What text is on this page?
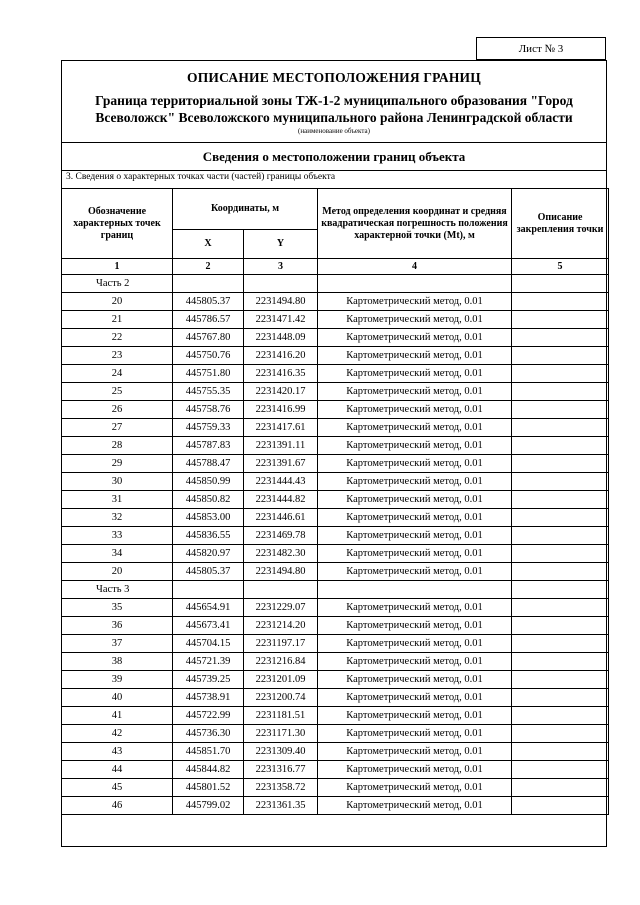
Лист № 3
ОПИСАНИЕ МЕСТОПОЛОЖЕНИЯ ГРАНИЦ
Граница территориальной зоны ТЖ-1-2 муниципального образования "Город Всеволожск" Всеволожского муниципального района Ленинградской области
(наименование объекта)
Сведения о местоположении границ объекта
3. Сведения о характерных точках части (частей) границы объекта
Обозначение характерных точек границ	Координаты, м		Метод определения координат и средняя квадратическая погрешность положения характерной точки (Mt), м	Описание закрепления точки
	X	Y		
1	2	3	4	5
Часть 2				
20	445805.37	2231494.80	Картометрический метод, 0.01	
21	445786.57	2231471.42	Картометрический метод, 0.01	
22	445767.80	2231448.09	Картометрический метод, 0.01	
23	445750.76	2231416.20	Картометрический метод, 0.01	
24	445751.80	2231416.35	Картометрический метод, 0.01	
25	445755.35	2231420.17	Картометрический метод, 0.01	
26	445758.76	2231416.99	Картометрический метод, 0.01	
27	445759.33	2231417.61	Картометрический метод, 0.01	
28	445787.83	2231391.11	Картометрический метод, 0.01	
29	445788.47	2231391.67	Картометрический метод, 0.01	
30	445850.99	2231444.43	Картометрический метод, 0.01	
31	445850.82	2231444.82	Картометрический метод, 0.01	
32	445853.00	2231446.61	Картометрический метод, 0.01	
33	445836.55	2231469.78	Картометрический метод, 0.01	
34	445820.97	2231482.30	Картометрический метод, 0.01	
20	445805.37	2231494.80	Картометрический метод, 0.01	
Часть 3				
35	445654.91	2231229.07	Картометрический метод, 0.01	
36	445673.41	2231214.20	Картометрический метод, 0.01	
37	445704.15	2231197.17	Картометрический метод, 0.01	
38	445721.39	2231216.84	Картометрический метод, 0.01	
39	445739.25	2231201.09	Картометрический метод, 0.01	
40	445738.91	2231200.74	Картометрический метод, 0.01	
41	445722.99	2231181.51	Картометрический метод, 0.01	
42	445736.30	2231171.30	Картометрический метод, 0.01	
43	445851.70	2231309.40	Картометрический метод, 0.01	
44	445844.82	2231316.77	Картометрический метод, 0.01	
45	445801.52	2231358.72	Картометрический метод, 0.01	
46	445799.02	2231361.35	Картометрический метод, 0.01	
